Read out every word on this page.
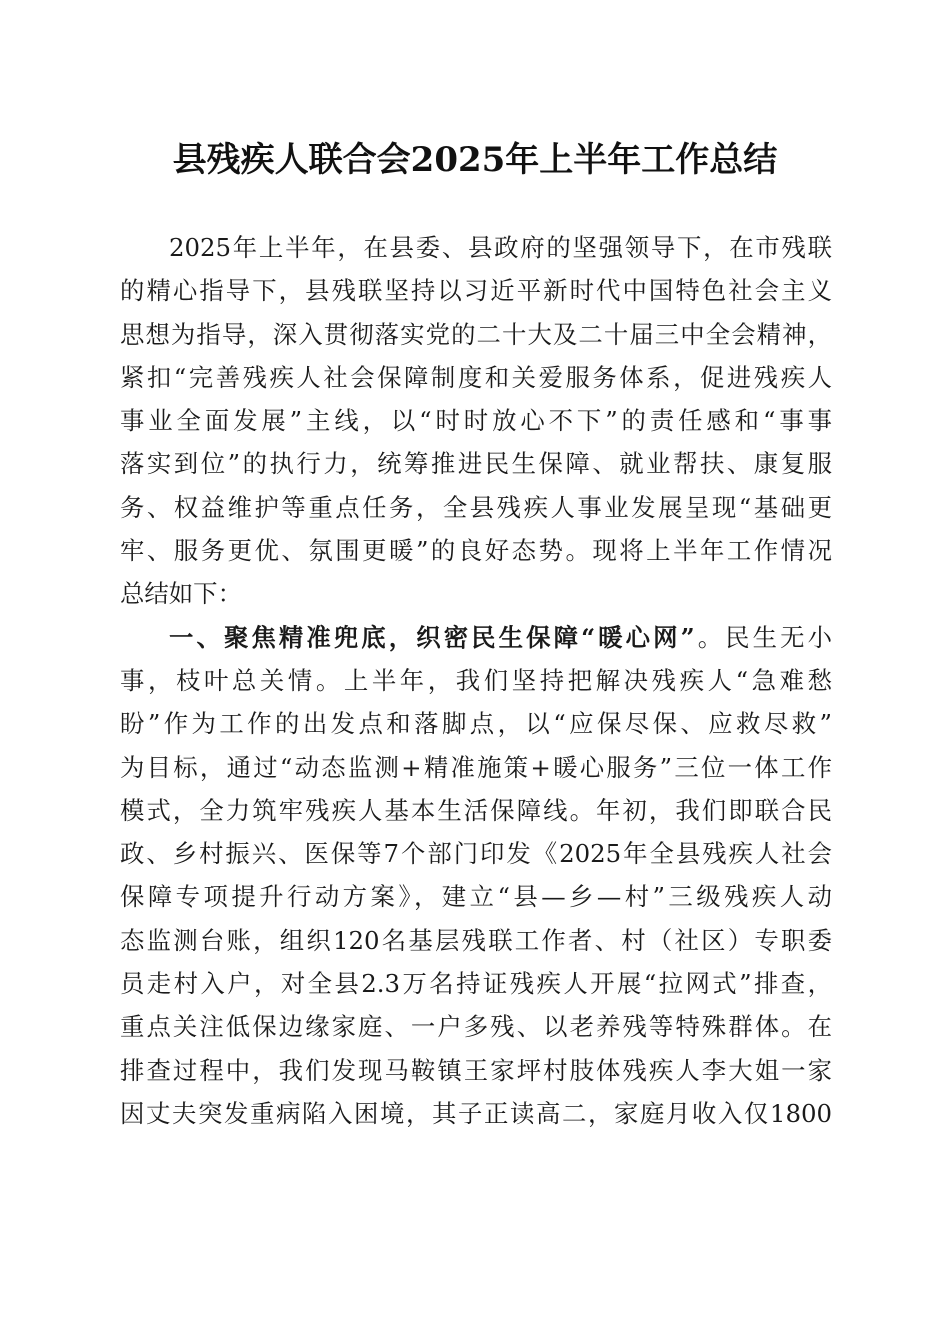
县残疾人联合会2025年上半年工作总结
2025年上半年，在县委、县政府的坚强领导下，在市残联
的精心指导下，县残联坚持以习近平新时代中国特色社会主义
思想为指导，深入贯彻落实党的二十大及二十届三中全会精神，
紧扣“完善残疾人社会保障制度和关爱服务体系，促进残疾人
事业全面发展”主线，以“时时放心不下”的责任感和“事事
落实到位”的执行力，统筹推进民生保障、就业帮扶、康复服
务、权益维护等重点任务，全县残疾人事业发展呈现“基础更
牢、服务更优、氛围更暖”的良好态势。现将上半年工作情况
总结如下：
一、聚焦精准兜底，织密民生保障“暖心网”。民生无小
事，枝叶总关情。上半年，我们坚持把解决残疾人“急难愁
盼”作为工作的出发点和落脚点，以“应保尽保、应救尽救”
为目标，通过“动态监测+精准施策+暖心服务”三位一体工作
模式，全力筑牢残疾人基本生活保障线。年初，我们即联合民
政、乡村振兴、医保等7个部门印发《2025年全县残疾人社会
保障专项提升行动方案》，建立“县—乡—村”三级残疾人动
态监测台账，组织120名基层残联工作者、村（社区）专职委
员走村入户，对全县2.3万名持证残疾人开展“拉网式”排查，
重点关注低保边缘家庭、一户多残、以老养残等特殊群体。在
排查过程中，我们发现马鞍镇王家坪村肢体残疾人李大姐一家
因丈夫突发重病陷入困境，其子正读高二，家庭月收入仅1800
